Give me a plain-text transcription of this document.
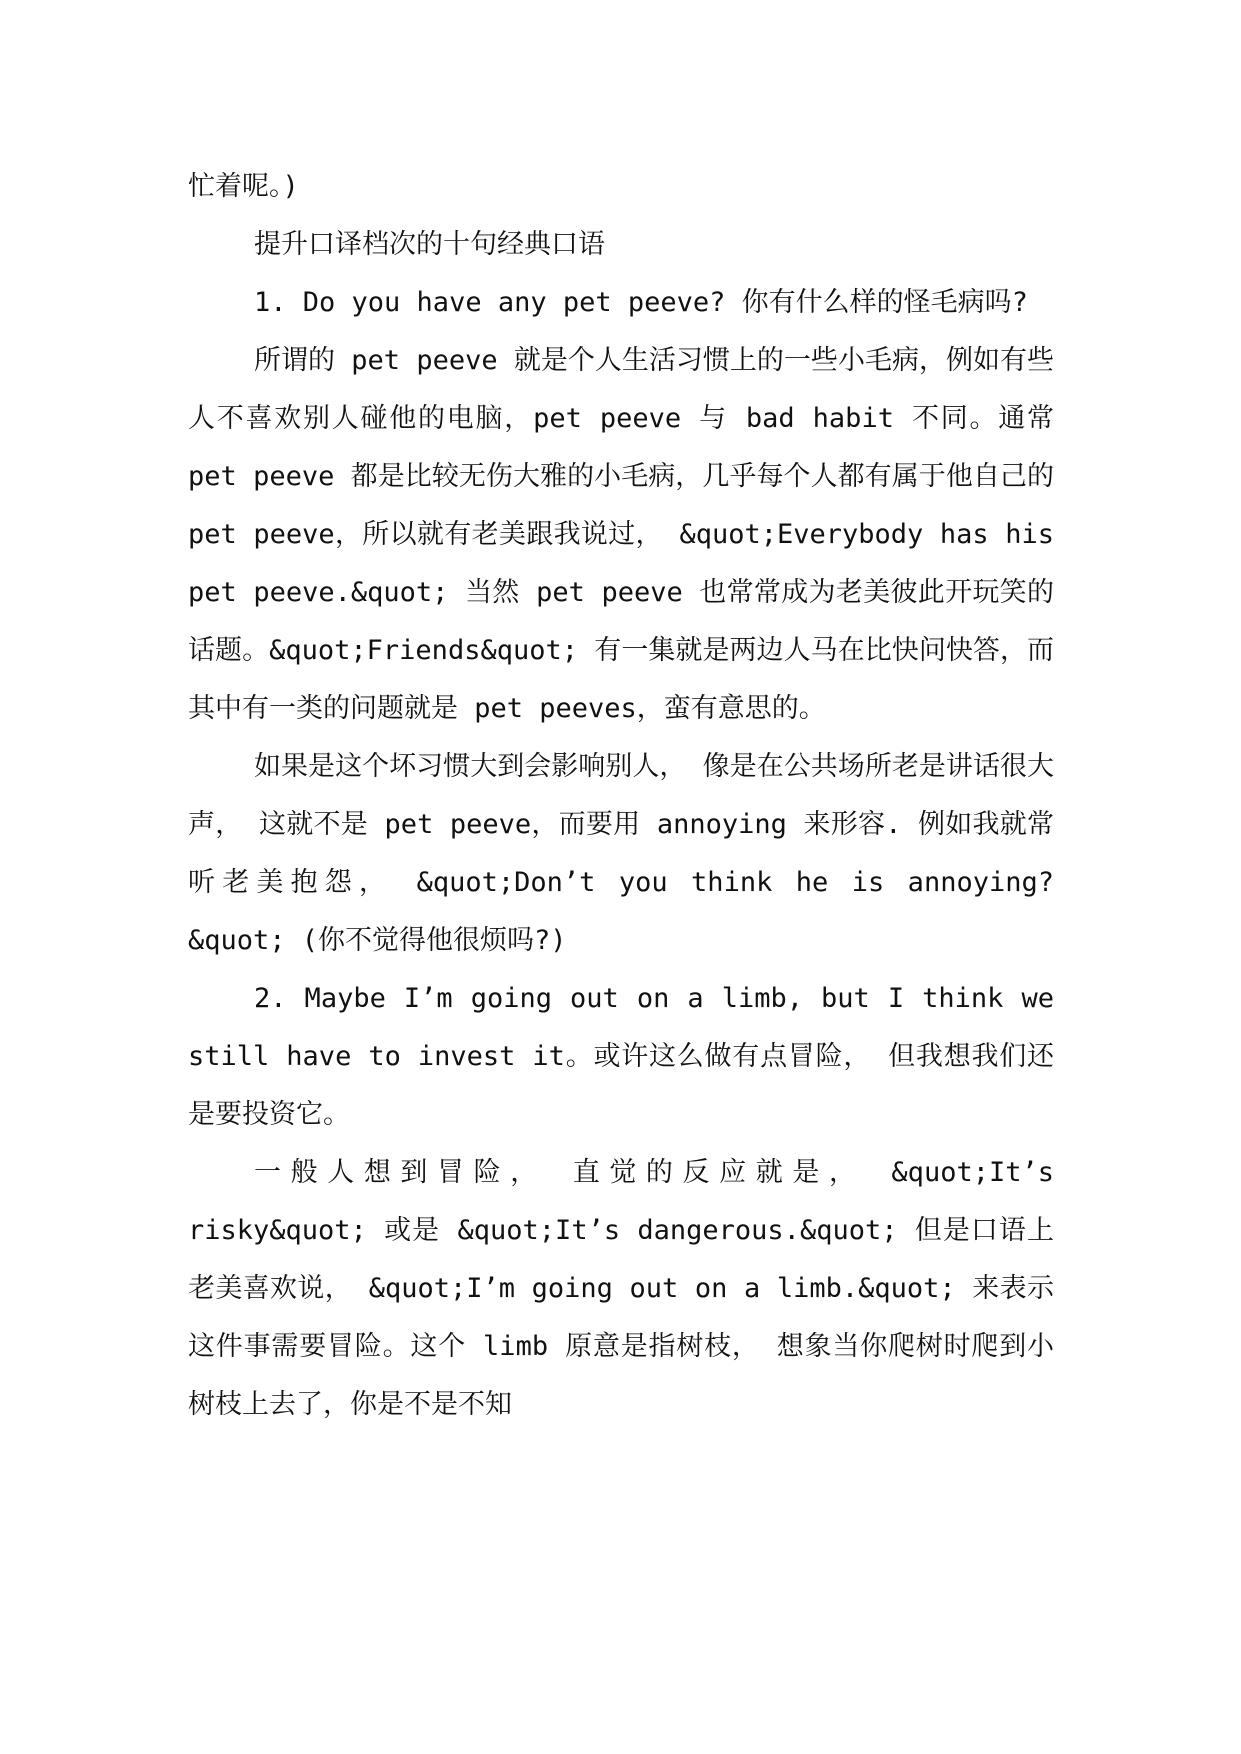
忙着呢。)

提升口译档次的十句经典口语

1. Do you have any pet peeve? 你有什么样的怪毛病吗?

所谓的 pet peeve 就是个人生活习惯上的一些小毛病，例如有些人不喜欢别人碰他的电脑，pet peeve 与 bad habit 不同。通常 pet peeve 都是比较无伤大雅的小毛病，几乎每个人都有属于他自己的 pet peeve，所以就有老美跟我说过， &quot;Everybody has his pet peeve.&quot; 当然 pet peeve 也常常成为老美彼此开玩笑的话题。&quot;Friends&quot; 有一集就是两边人马在比快问快答，而其中有一类的问题就是 pet peeves，蛮有意思的。

如果是这个坏习惯大到会影响别人， 像是在公共场所老是讲话很大声， 这就不是 pet peeve，而要用 annoying 来形容. 例如我就常听老美抱怨， &quot;Don’t you think he is annoying?&quot; (你不觉得他很烦吗?)

2. Maybe I’m going out on a limb, but I think we still have to invest it。或许这么做有点冒险， 但我想我们还是要投资它。

一般人想到冒险， 直觉的反应就是， &quot;It’s risky&quot; 或是 &quot;It’s dangerous.&quot; 但是口语上老美喜欢说， &quot;I’m going out on a limb.&quot; 来表示这件事需要冒险。这个 limb 原意是指树枝， 想象当你爬树时爬到小树枝上去了，你是不是不知
